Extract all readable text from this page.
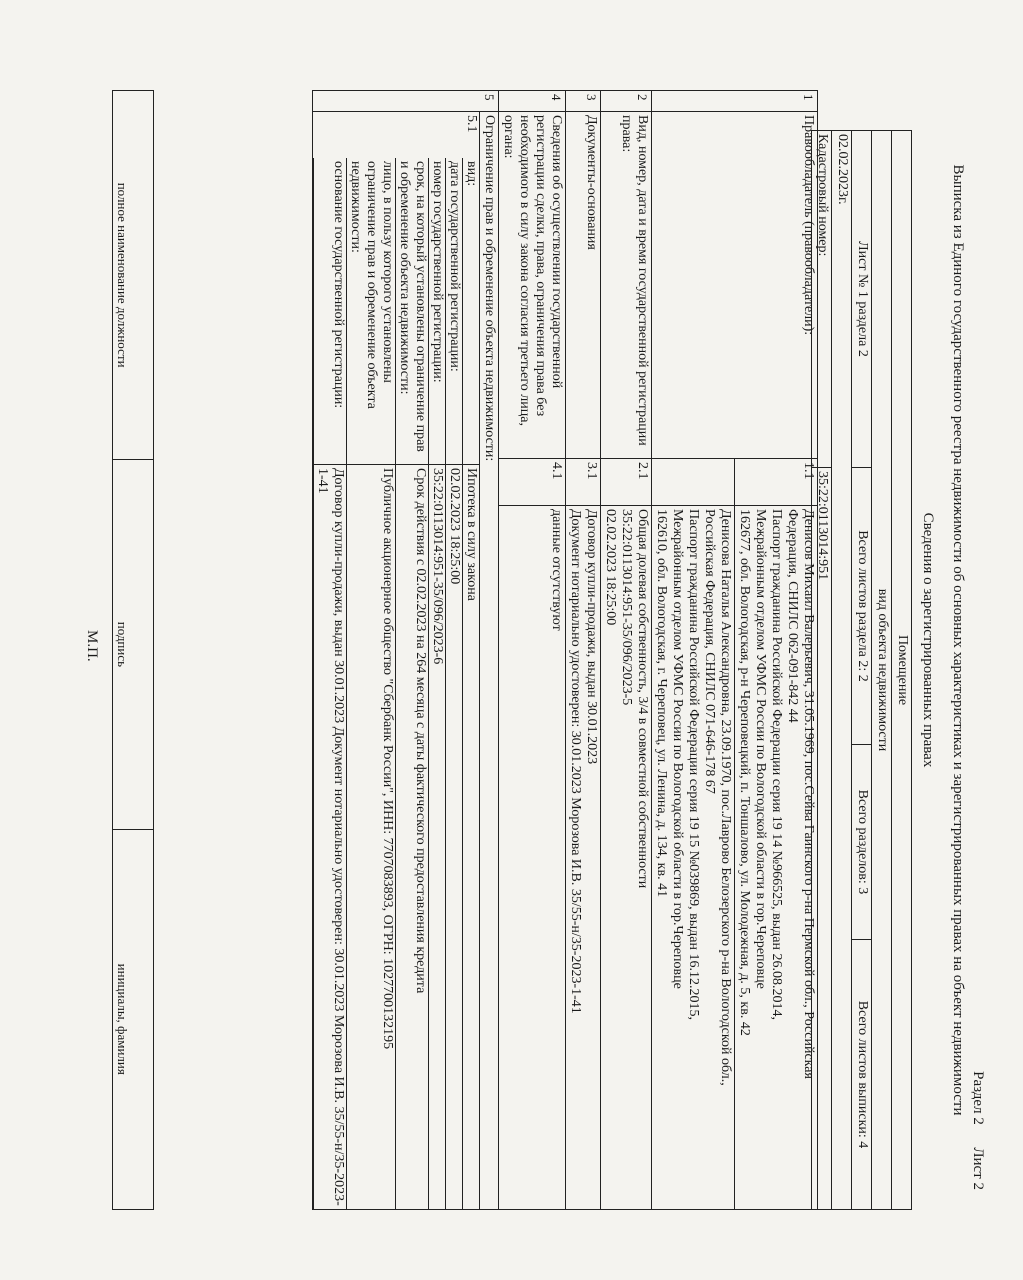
Раздел 2      Лист 2
Выписка из Единого государственного реестра недвижимости об основных характеристиках и зарегистрированных правах на объект недвижимости
Сведения о зарегистрированных правах
Помещение			
вид объекта недвижимости			
Лист № 1 раздела 2	Всего листов раздела 2: 2	Всего разделов: 3	Всего листов выписки: 4
02.02.2023г.			
Кадастровый номер:	35:22:0113014:951		
1	Правообладатель (правообладатели):	1.1	
Денисов Михаил Валерьевич, 31.05.1969, пос.Сейва Гаинского р-на Пермской обл., Российская
Федерация, СНИЛС 062-091-842 44
Паспорт гражданина Российской Федерации серия 19 14 №966525, выдан 26.08.2014,
Межрайонным отделом УФМС России по Вологодской области в гор.Череповце
162677, обл. Вологодская, р-н Череповецкий, п. Тоншалово, ул. Молодежная, д. 5, кв. 42

Денисова Наталья Александровна, 23.09.1970, пос.Лаврово Белозерского р-на Вологодской обл.,
Российская Федерация, СНИЛС 071-646-178 67
Паспорт гражданина Российской Федерации серия 19 15 №039869, выдан 16.12.2015,
Межрайонным отделом УФМС России по Вологодской области в гор.Череповце
162610, обл. Вологодская, г. Череповец, ул. Ленина, д. 134, кв. 41

2	Вид, номер, дата и время государственной регистрации права:	2.1	
Общая долевая собственность, 3/4 в совместной собственности
35:22:0113014:951-35/096/2023-5
02.02.2023 18:25:00

3	Документы-основания	3.1	
Договор купли-продажи, выдан 30.01.2023
Документ нотариально удостоверен: 30.01.2023 Морозова И.В. 35/55-н/35-2023-1-41

4	Сведения об осуществлении государственной регистрации сделки, права, ограничения права без необходимого в силу закона согласия третьего лица, органа:	4.1	
данные отсутствуют

5	Ограничение прав и обременение объекта недвижимости:

5.1	вид:	Ипотека в силу закона
	дата государственной регистрации:	02.02.2023 18:25:00
	номер государственной регистрации:	35:22:0113014:951-35/096/2023-6
	срок, на который установлены ограничение прав и обременение объекта недвижимости:	Срок действия с 02.02.2023 на 264 месяца с даты фактического предоставления кредита
	лицо, в пользу которого установлены ограничение прав и обременение объекта недвижимости:	Публичное акционерное общество "Сбербанк России", ИНН: 7707083893, ОГРН: 1027700132195
	основание государственной регистрации:	Договор купли-продажи, выдан 30.01.2023 Документ нотариально удостоверен: 30.01.2023 Морозова И.В. 35/55-н/35-2023-1-41
полное наименование должности	подпись	инициалы, фамилия
М.П.
